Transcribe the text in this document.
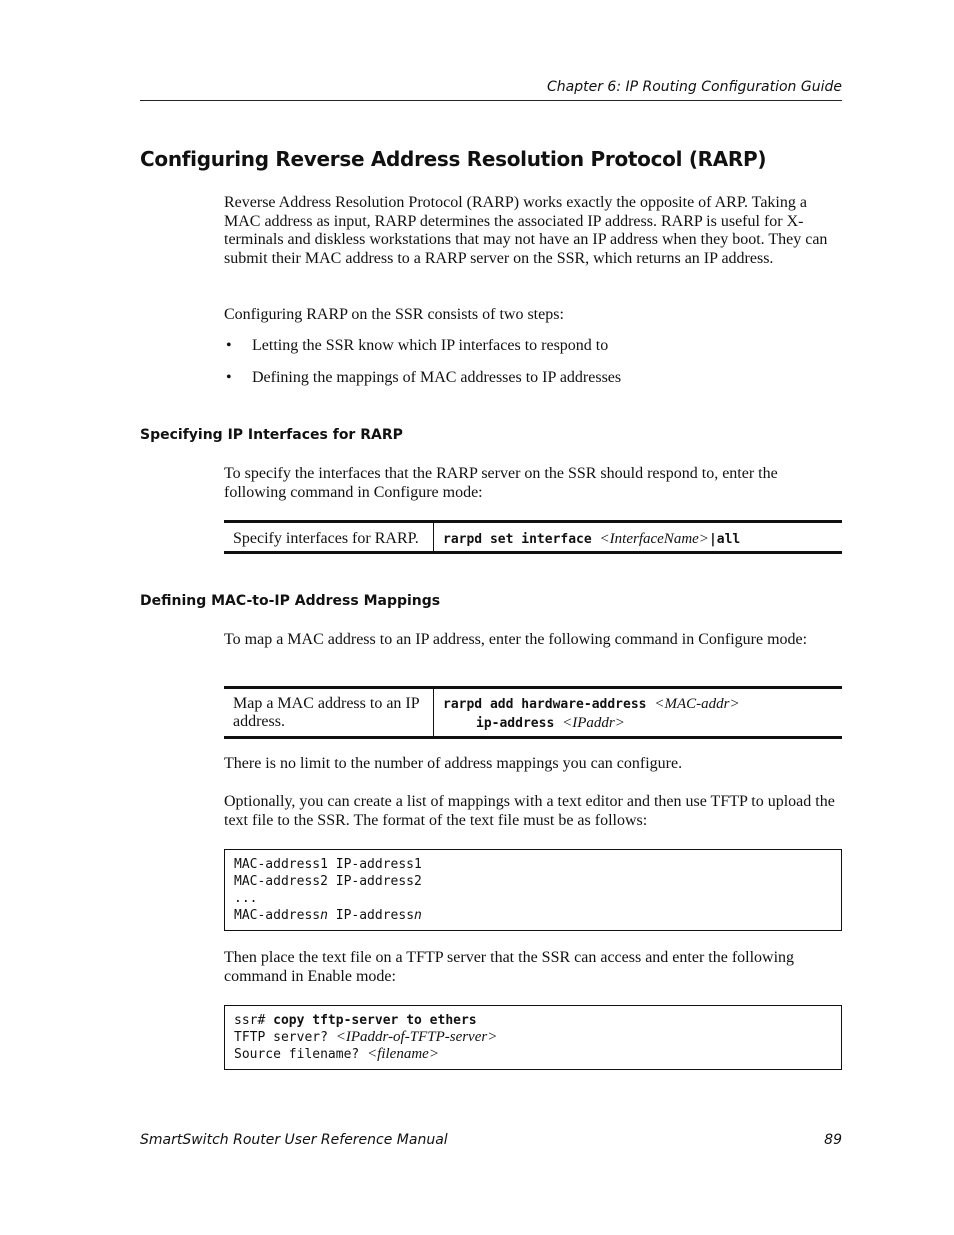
Chapter 6: IP Routing Configuration Guide
Configuring Reverse Address Resolution Protocol (RARP)

Reverse Address Resolution Protocol (RARP) works exactly the opposite of ARP. Taking a MAC address as input, RARP determines the associated IP address. RARP is useful for X-terminals and diskless workstations that may not have an IP address when they boot. They can submit their MAC address to a RARP server on the SSR, which returns an IP address.

Configuring RARP on the SSR consists of two steps:

• Letting the SSR know which IP interfaces to respond to
• Defining the mappings of MAC addresses to IP addresses
Specifying IP Interfaces for RARP

To specify the interfaces that the RARP server on the SSR should respond to, enter the following command in Configure mode:

Specify interfaces for RARP.	rarpd set interface <InterfaceName>|all
Defining MAC-to-IP Address Mappings

To map a MAC address to an IP address, enter the following command in Configure mode:

Map a MAC address to an IP address.
rarpd add hardware-address <MAC-addr>
ip-address <IPaddr>

There is no limit to the number of address mappings you can configure.

Optionally, you can create a list of mappings with a text editor and then use TFTP to upload the text file to the SSR. The format of the text file must be as follows:

MAC-address1 IP-address1
MAC-address2 IP-address2
...
MAC-addressn IP-addressn

Then place the text file on a TFTP server that the SSR can access and enter the following command in Enable mode:

ssr# copy tftp-server to ethers
TFTP server? <IPaddr-of-TFTP-server>
Source filename? <filename>
SmartSwitch Router User Reference Manual	89
